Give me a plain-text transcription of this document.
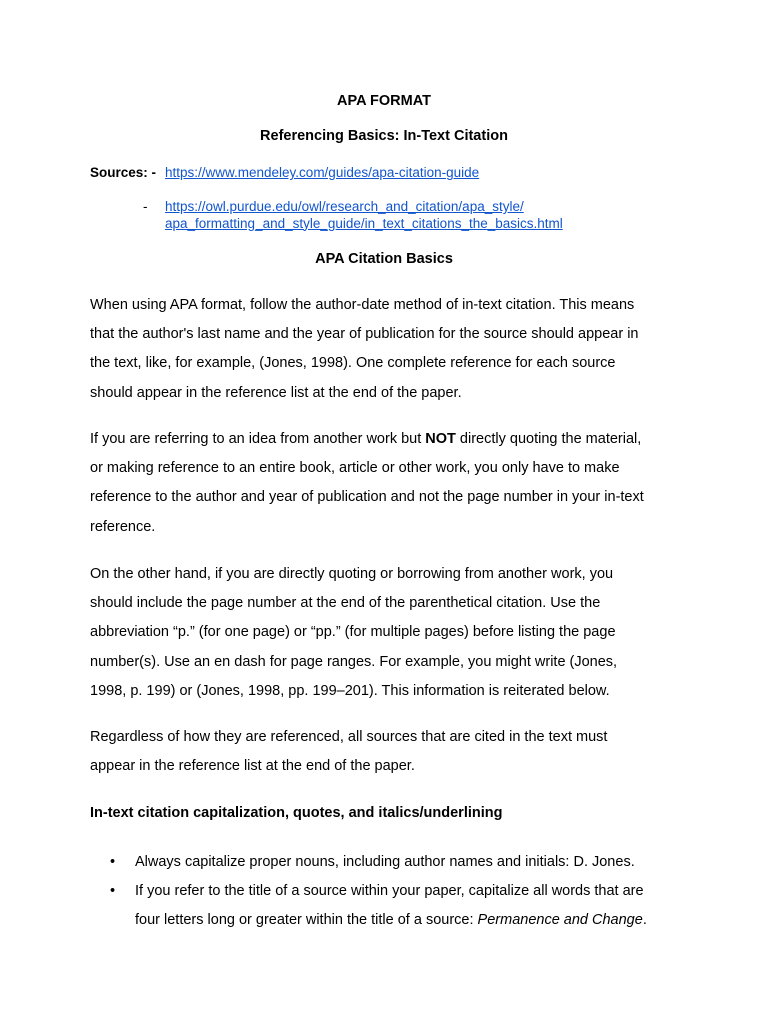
APA FORMAT
Referencing Basics: In-Text Citation
Sources: - https://www.mendeley.com/guides/apa-citation-guide
- https://owl.purdue.edu/owl/research_and_citation/apa_style/
apa_formatting_and_style_guide/in_text_citations_the_basics.html
APA Citation Basics
When using APA format, follow the author-date method of in-text citation. This means
that the author's last name and the year of publication for the source should appear in
the text, like, for example, (Jones, 1998). One complete reference for each source
should appear in the reference list at the end of the paper.
If you are referring to an idea from another work but NOT directly quoting the material,
or making reference to an entire book, article or other work, you only have to make
reference to the author and year of publication and not the page number in your in-text
reference.
On the other hand, if you are directly quoting or borrowing from another work, you
should include the page number at the end of the parenthetical citation. Use the
abbreviation “p.” (for one page) or “pp.” (for multiple pages) before listing the page
number(s). Use an en dash for page ranges. For example, you might write (Jones,
1998, p. 199) or (Jones, 1998, pp. 199–201). This information is reiterated below.
Regardless of how they are referenced, all sources that are cited in the text must
appear in the reference list at the end of the paper.
In-text citation capitalization, quotes, and italics/underlining
• Always capitalize proper nouns, including author names and initials: D. Jones.
• If you refer to the title of a source within your paper, capitalize all words that are
four letters long or greater within the title of a source: Permanence and Change.
